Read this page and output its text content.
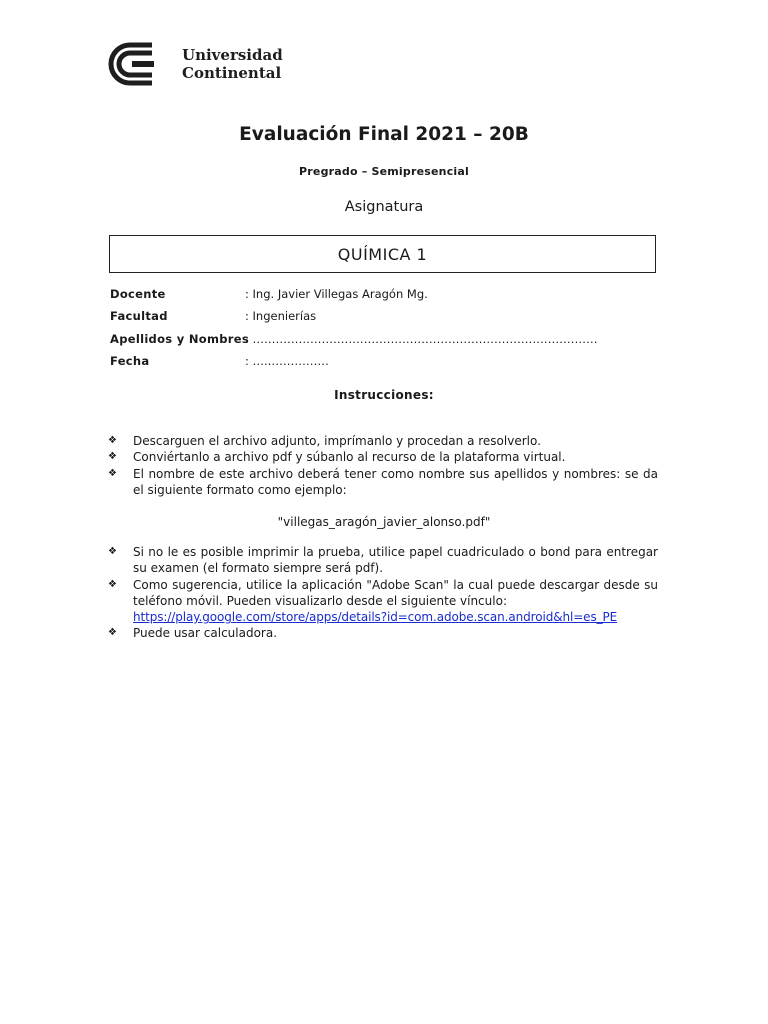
Universidad
Continental
Evaluación Final 2021 – 20B
Pregrado – Semipresencial
Asignatura
QUÍMICA 1
Docente	: Ing. Javier Villegas Aragón Mg.
Facultad	: Ingenierías
Apellidos y Nombres
: ………………………………………………………………………………
Fecha	: …..……………
Instrucciones:
❖	Descarguen el archivo adjunto, imprímanlo y procedan a resolverlo.
❖	Conviértanlo a archivo pdf y súbanlo al recurso de la plataforma virtual.
❖	El nombre de este archivo deberá tener como nombre sus apellidos y nombres: se da el siguiente formato como ejemplo:
"villegas_aragón_javier_alonso.pdf"
❖	Si no le es posible imprimir la prueba, utilice papel cuadriculado o bond para entregar su examen (el formato siempre será pdf).
❖	Como sugerencia, utilice la aplicación "Adobe Scan" la cual puede descargar desde su teléfono móvil. Pueden visualizarlo desde el siguiente vínculo:
https://play.google.com/store/apps/details?id=com.adobe.scan.android&hl=es_PE
❖	Puede usar calculadora.
